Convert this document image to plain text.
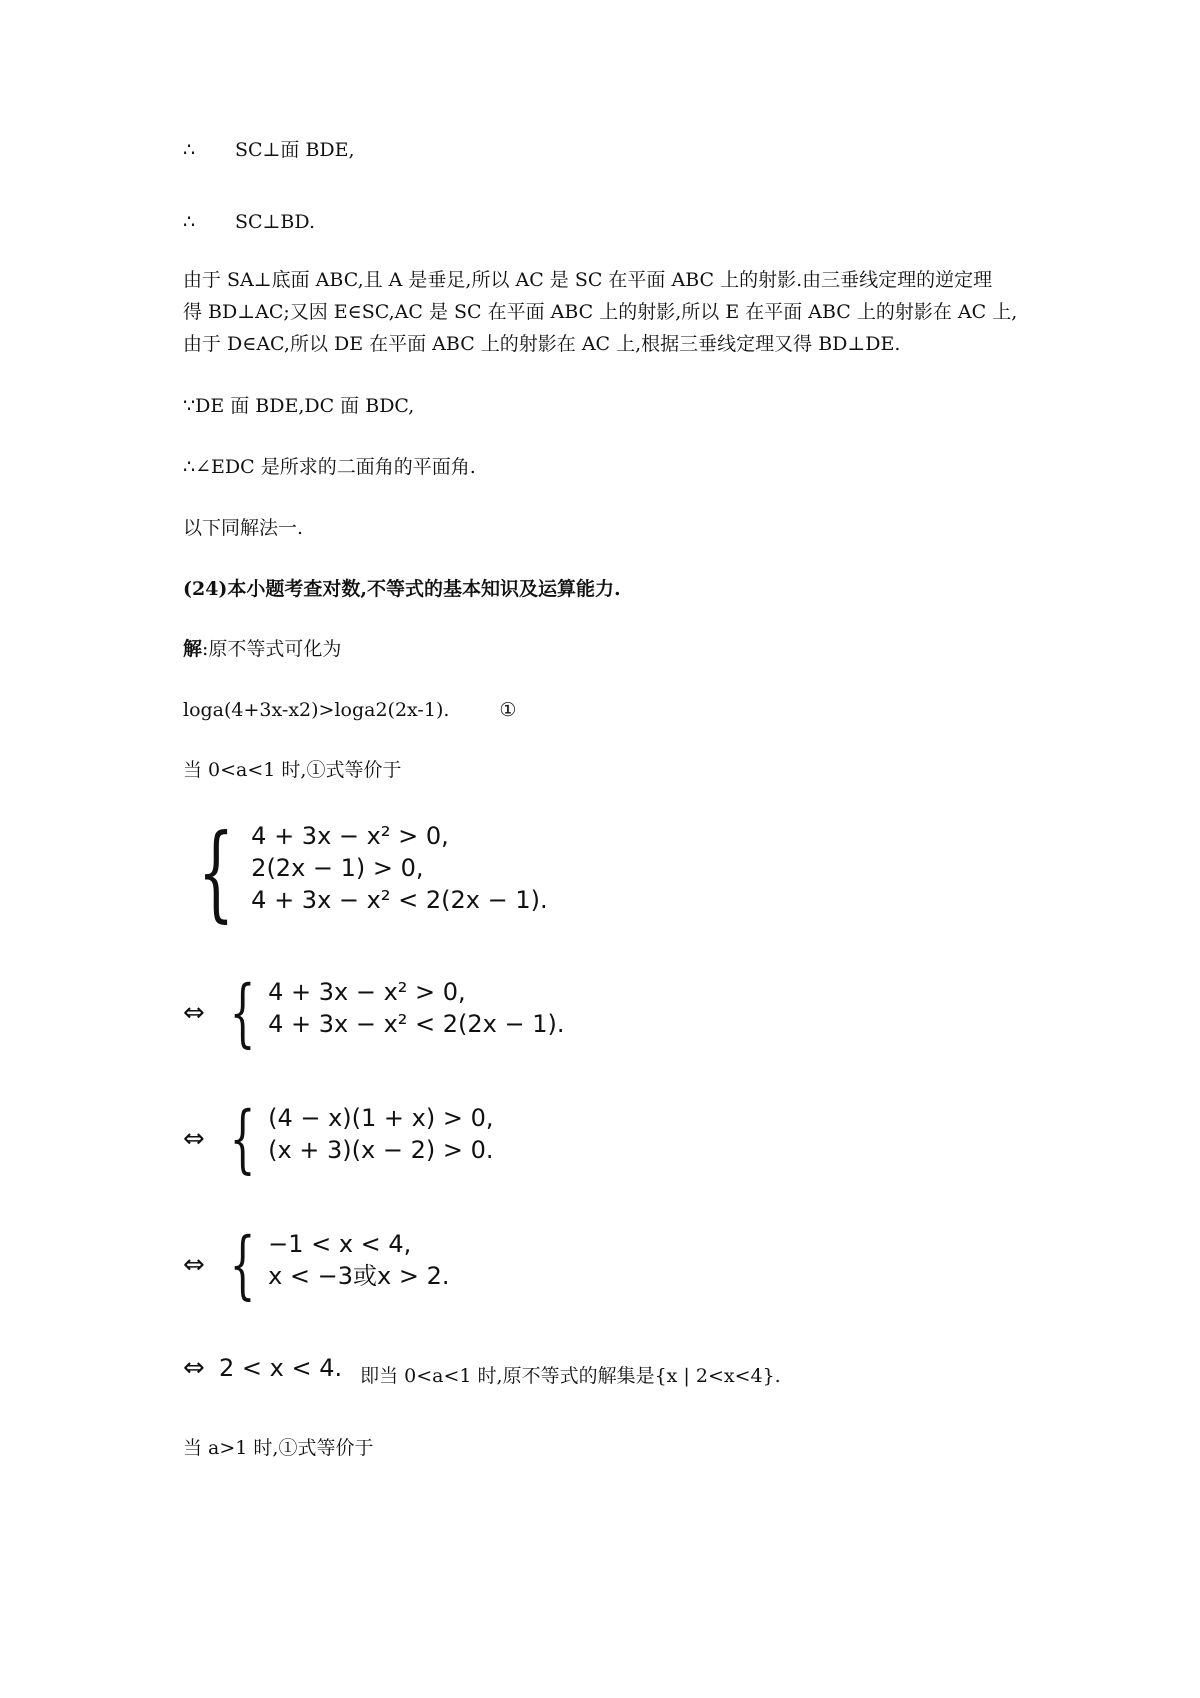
∴ SC⊥面 BDE,
∴ SC⊥BD.
由于 SA⊥底面 ABC,且 A 是垂足,所以 AC 是 SC 在平面 ABC 上的射影.由三垂线定理的逆定理
得 BD⊥AC;又因 E∈SC,AC 是 SC 在平面 ABC 上的射影,所以 E 在平面 ABC 上的射影在 AC 上,
由于 D∈AC,所以 DE 在平面 ABC 上的射影在 AC 上,根据三垂线定理又得 BD⊥DE.
∵DE 面 BDE,DC 面 BDC,
∴∠EDC 是所求的二面角的平面角.
以下同解法一.
(24)本小题考查对数,不等式的基本知识及运算能力.
解:原不等式可化为
loga(4+3x-x2)>loga2(2x-1).	①
当 0<a<1 时,①式等价于
{ 4 + 3x − x² > 0,
2(2x − 1) > 0,
4 + 3x − x² < 2(2x − 1).
⇔ { 4 + 3x − x² > 0,
4 + 3x − x² < 2(2x − 1).
⇔ { (4 − x)(1 + x) > 0,
(x + 3)(x − 2) > 0.
⇔ { −1 < x < 4,
x < −3或x > 2.
⇔ 2 < x < 4. 即当 0<a<1 时,原不等式的解集是{x | 2<x<4}.
当 a>1 时,①式等价于
